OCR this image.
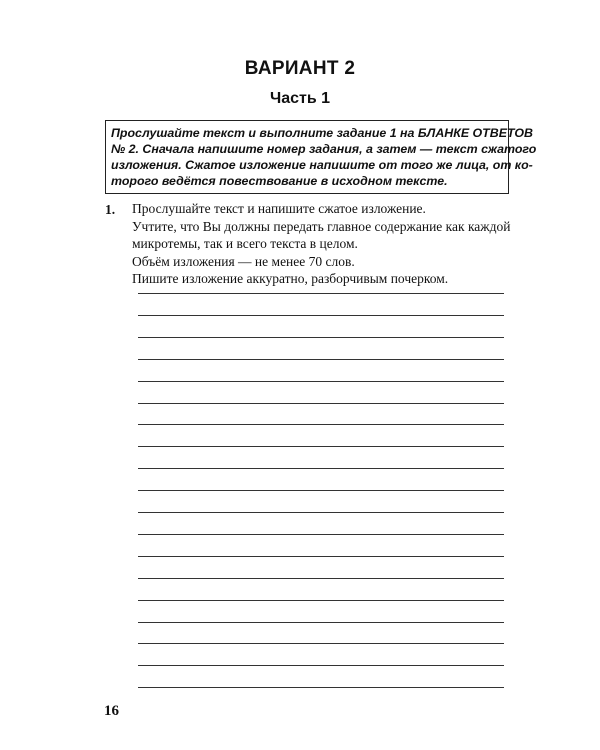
ВАРИАНТ 2
Часть 1
Прослушайте текст и выполните задание 1 на БЛАНКЕ ОТВЕТОВ
№ 2. Сначала напишите номер задания, а затем — текст сжатого
изложения. Сжатое изложение напишите от того же лица, от ко-
торого ведётся повествование в исходном тексте.
1. Прослушайте текст и напишите сжатое изложение.
Учтите, что Вы должны передать главное содержание как каждой
микротемы, так и всего текста в целом.
Объём изложения — не менее 70 слов.
Пишите изложение аккуратно, разборчивым почерком.
16
